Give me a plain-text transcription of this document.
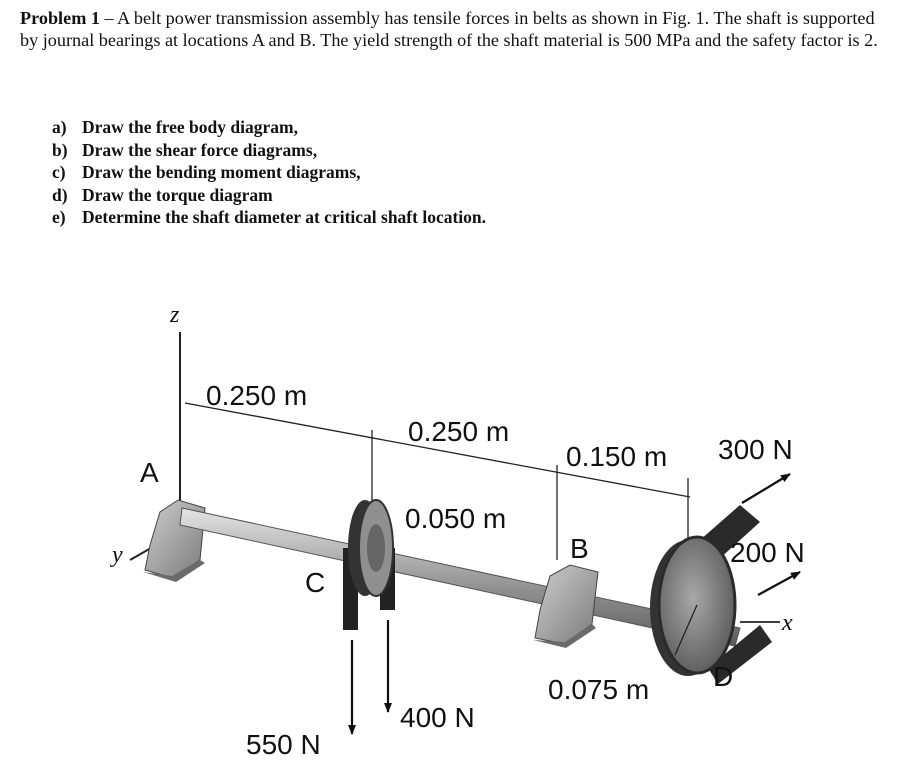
Problem 1 – A belt power transmission assembly has tensile forces in belts as shown in Fig. 1. The shaft is supported by journal bearings at locations A and B. The yield strength of the shaft material is 500 MPa and the safety factor is 2.
a) Draw the free body diagram,
b) Draw the shear force diagrams,
c) Draw the bending moment diagrams,
d) Draw the torque diagram
e) Determine the shaft diameter at critical shaft location.
z
y
0.250 m
0.250 m
0.150 m
A
C
0.050 m
550 N
400 N
B
0.075 m D
300 N
200 N
x
